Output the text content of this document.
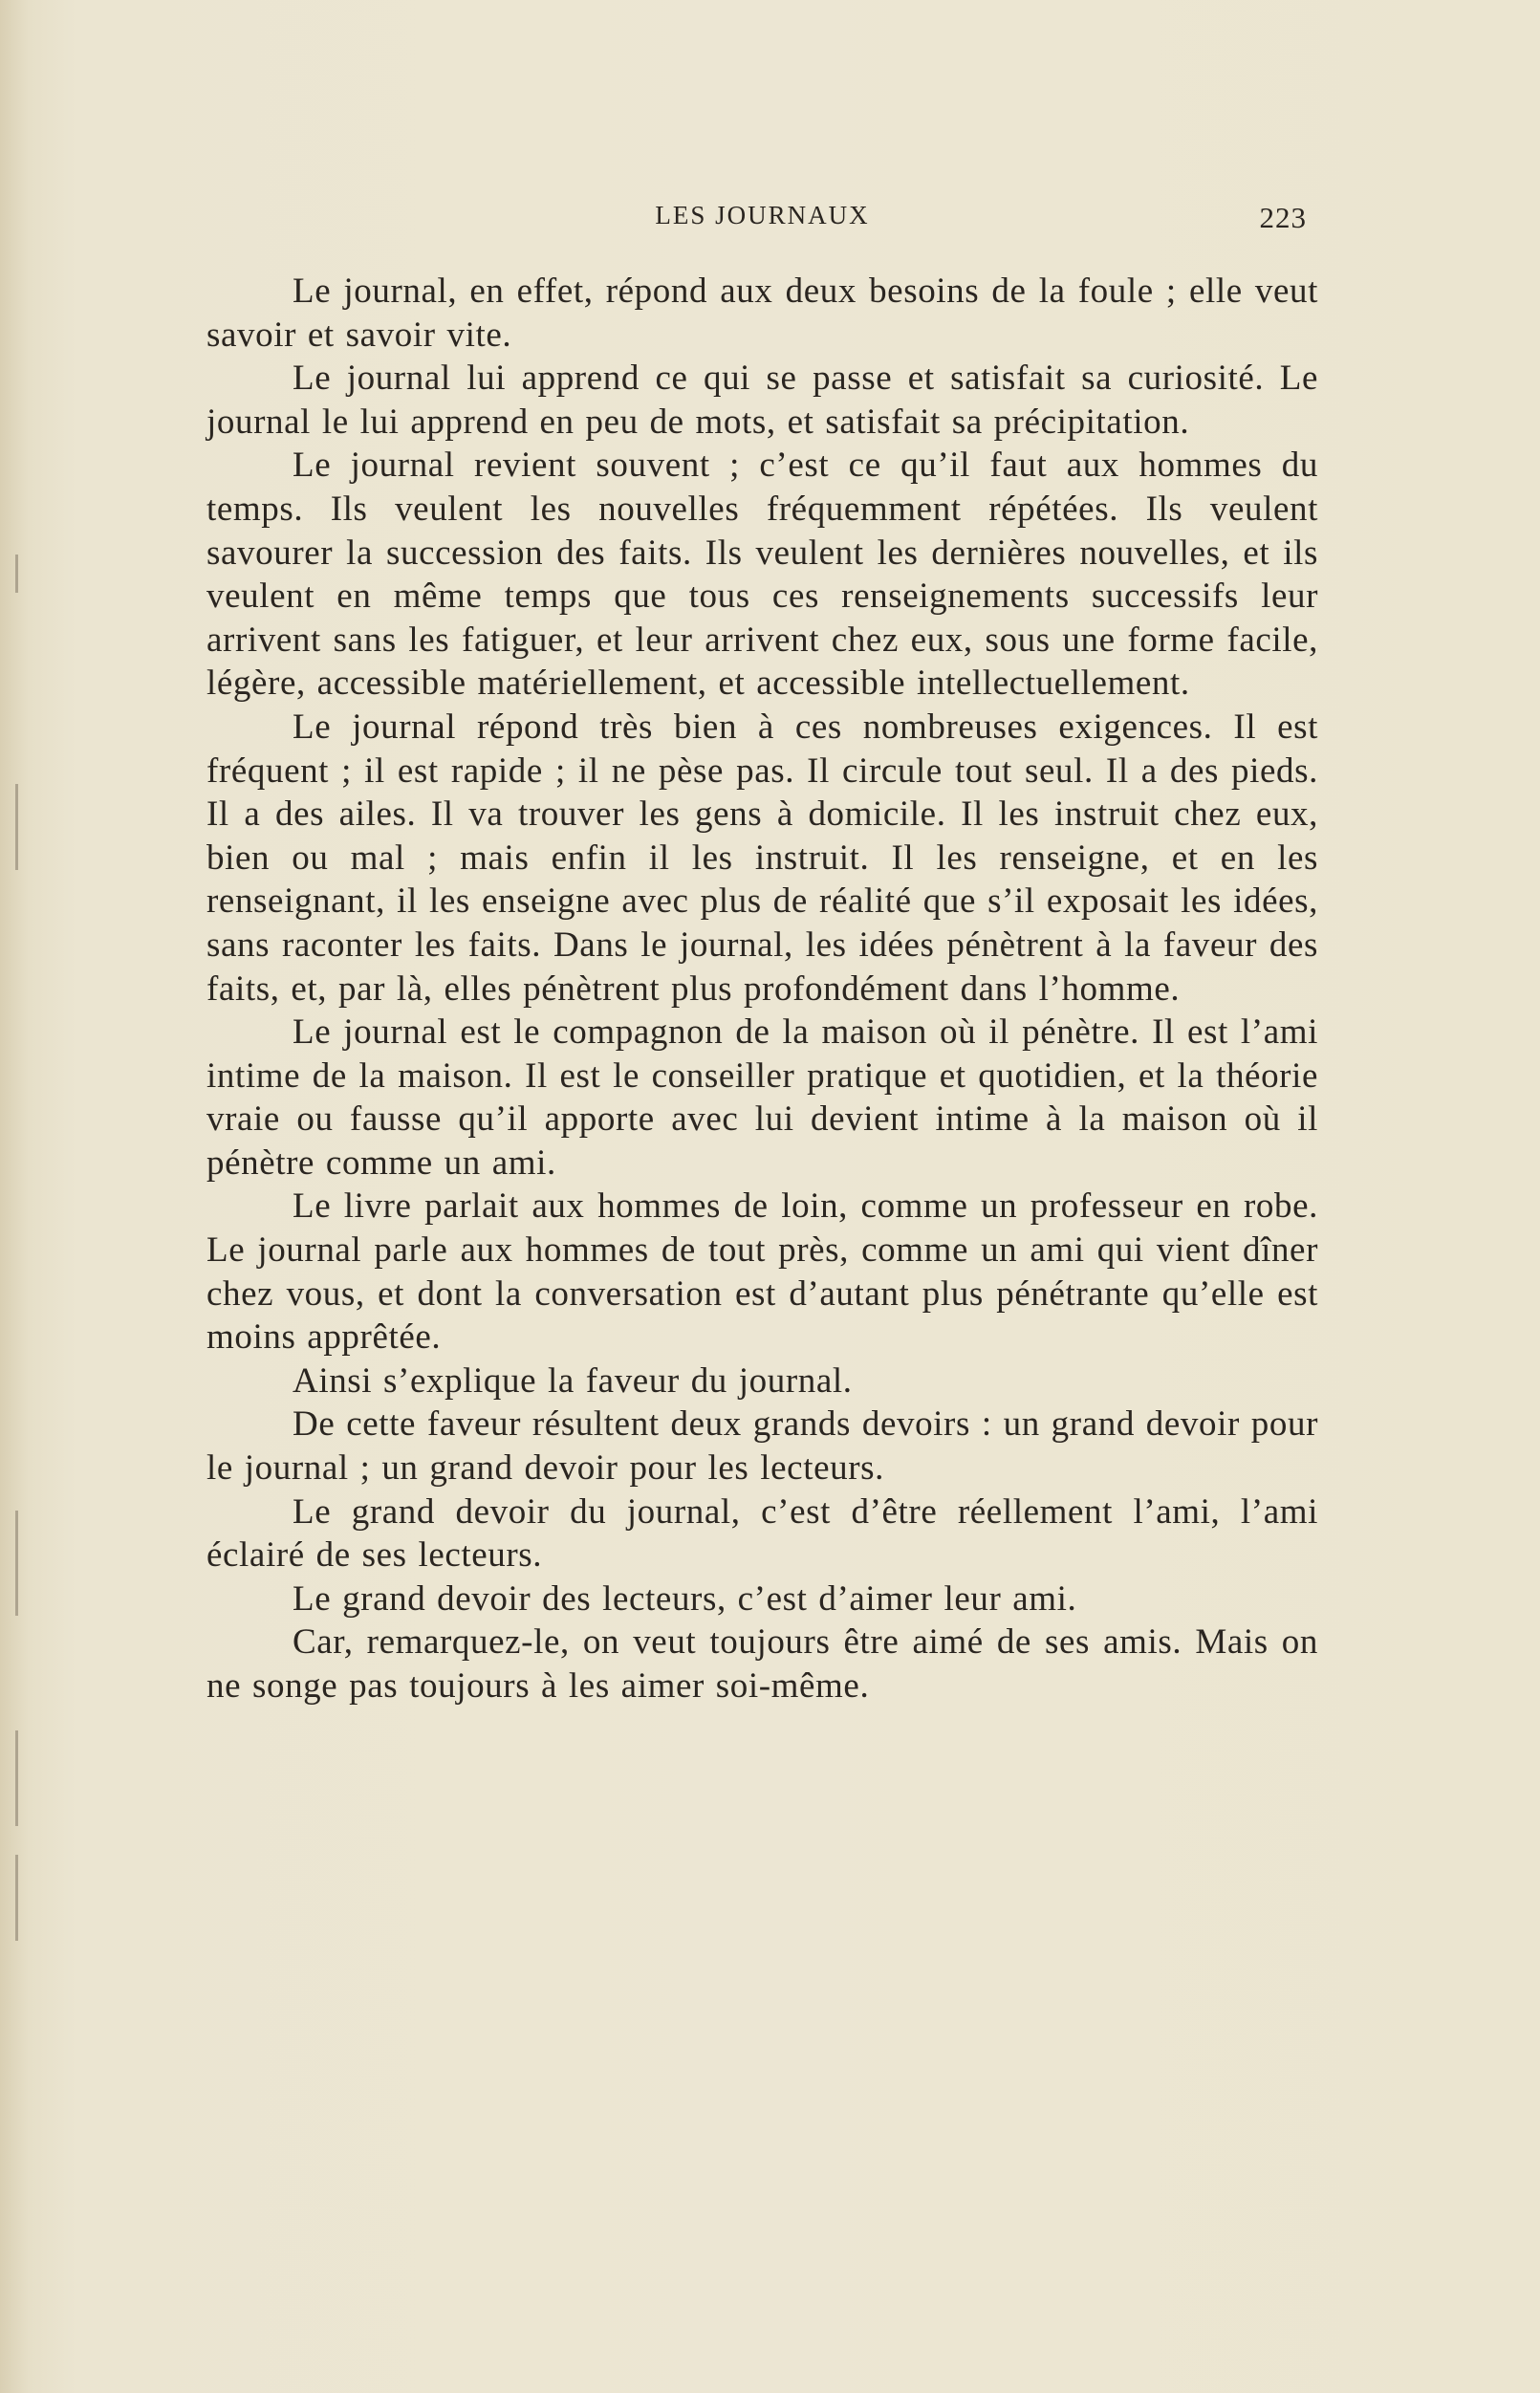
LES JOURNAUX	223

Le journal, en effet, répond aux deux besoins de la foule ; elle veut savoir et savoir vite.

Le journal lui apprend ce qui se passe et satisfait sa curiosité. Le journal le lui apprend en peu de mots, et satisfait sa précipitation.

Le journal revient souvent ; c’est ce qu’il faut aux hommes du temps. Ils veulent les nouvelles fréquemment répétées. Ils veulent savourer la succession des faits. Ils veulent les dernières nouvelles, et ils veulent en même temps que tous ces renseignements successifs leur arrivent sans les fatiguer, et leur arrivent chez eux, sous une forme facile, légère, accessible matériellement, et accessible intellectuellement.

Le journal répond très bien à ces nombreuses exigences. Il est fréquent ; il est rapide ; il ne pèse pas. Il circule tout seul. Il a des pieds. Il a des ailes. Il va trouver les gens à domicile. Il les instruit chez eux, bien ou mal ; mais enfin il les instruit. Il les renseigne, et en les renseignant, il les enseigne avec plus de réalité que s’il exposait les idées, sans raconter les faits. Dans le journal, les idées pénètrent à la faveur des faits, et, par là, elles pénètrent plus profondément dans l’homme.

Le journal est le compagnon de la maison où il pénètre. Il est l’ami intime de la maison. Il est le conseiller pratique et quotidien, et la théorie vraie ou fausse qu’il apporte avec lui devient intime à la maison où il pénètre comme un ami.

Le livre parlait aux hommes de loin, comme un professeur en robe. Le journal parle aux hommes de tout près, comme un ami qui vient dîner chez vous, et dont la conversation est d’autant plus pénétrante qu’elle est moins apprêtée.

Ainsi s’explique la faveur du journal.

De cette faveur résultent deux grands devoirs : un grand devoir pour le journal ; un grand devoir pour les lecteurs.

Le grand devoir du journal, c’est d’être réellement l’ami, l’ami éclairé de ses lecteurs.

Le grand devoir des lecteurs, c’est d’aimer leur ami.

Car, remarquez-le, on veut toujours être aimé de ses amis. Mais on ne songe pas toujours à les aimer soi-même.
